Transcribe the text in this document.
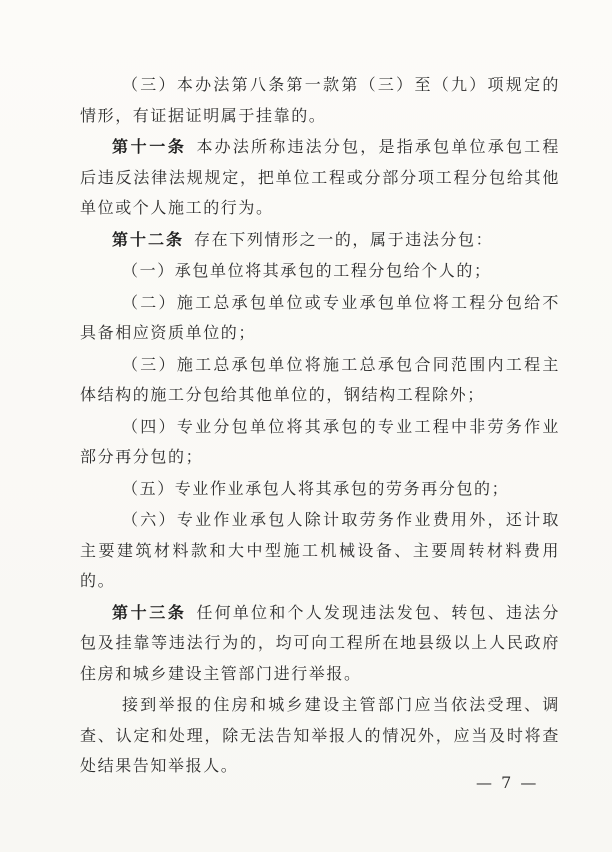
（三）本办法第八条第一款第（三）至（九）项规定的情形，有证据证明属于挂靠的。

第十一条 本办法所称违法分包，是指承包单位承包工程后违反法律法规规定，把单位工程或分部分项工程分包给其他单位或个人施工的行为。

第十二条 存在下列情形之一的，属于违法分包：

（一）承包单位将其承包的工程分包给个人的；

（二）施工总承包单位或专业承包单位将工程分包给不具备相应资质单位的；

（三）施工总承包单位将施工总承包合同范围内工程主体结构的施工分包给其他单位的，钢结构工程除外；

（四）专业分包单位将其承包的专业工程中非劳务作业部分再分包的；

（五）专业作业承包人将其承包的劳务再分包的；

（六）专业作业承包人除计取劳务作业费用外，还计取主要建筑材料款和大中型施工机械设备、主要周转材料费用的。

第十三条 任何单位和个人发现违法发包、转包、违法分包及挂靠等违法行为的，均可向工程所在地县级以上人民政府住房和城乡建设主管部门进行举报。

接到举报的住房和城乡建设主管部门应当依法受理、调查、认定和处理，除无法告知举报人的情况外，应当及时将查处结果告知举报人。

— 7 —
